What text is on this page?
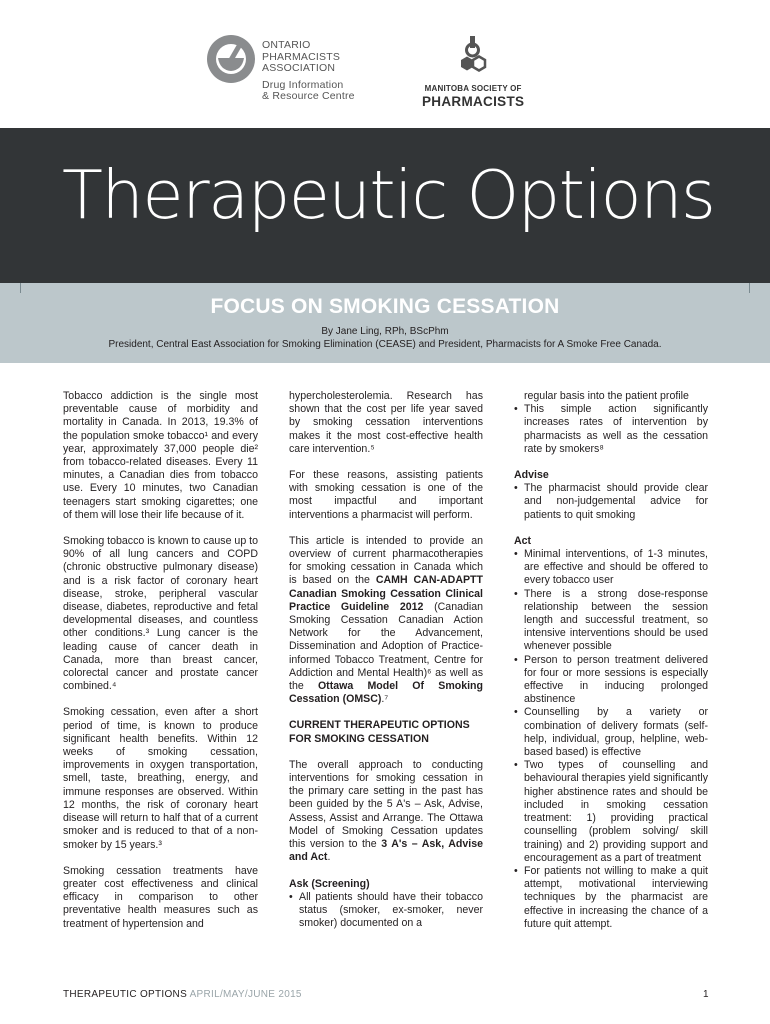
ONTARIO
PHARMACISTS
ASSOCIATION
Drug Information
& Resource Centre
MANITOBA SOCIETY OF
PHARMACISTS
Therapeutic Options
FOCUS ON SMOKING CESSATION
By Jane Ling, RPh, BScPhm
President, Central East Association for Smoking Elimination (CEASE) and President, Pharmacists for A Smoke Free Canada.

Tobacco addiction is the single most preventable cause of morbidity and mortality in Canada. In 2013, 19.3% of the population smoke tobacco¹ and every year, approximately 37,000 people die² from tobacco-related diseases. Every 11 minutes, a Canadian dies from tobacco use. Every 10 minutes, two Canadian teenagers start smoking cigarettes; one of them will lose their life because of it.

Smoking tobacco is known to cause up to 90% of all lung cancers and COPD (chronic obstructive pulmonary disease) and is a risk factor of coronary heart disease, stroke, peripheral vascular disease, diabetes, reproductive and fetal developmental diseases, and countless other conditions.³ Lung cancer is the leading cause of cancer death in Canada, more than breast cancer, colorectal cancer and prostate cancer combined.⁴

Smoking cessation, even after a short period of time, is known to produce significant health benefits. Within 12 weeks of smoking cessation, improvements in oxygen transportation, smell, taste, breathing, energy, and immune responses are observed. Within 12 months, the risk of coronary heart disease will return to half that of a current smoker and is reduced to that of a non-smoker by 15 years.³

Smoking cessation treatments have greater cost effectiveness and clinical efficacy in comparison to other preventative health measures such as treatment of hypertension and

hypercholesterolemia. Research has shown that the cost per life year saved by smoking cessation interventions makes it the most cost-effective health care intervention.⁵

For these reasons, assisting patients with smoking cessation is one of the most impactful and important interventions a pharmacist will perform.

This article is intended to provide an overview of current pharmacotherapies for smoking cessation in Canada which is based on the CAMH CAN-ADAPTT Canadian Smoking Cessation Clinical Practice Guideline 2012 (Canadian Smoking Cessation Canadian Action Network for the Advancement, Dissemination and Adoption of Practice-informed Tobacco Treatment, Centre for Addiction and Mental Health)⁶ as well as the Ottawa Model Of Smoking Cessation (OMSC).⁷

CURRENT THERAPEUTIC OPTIONS FOR SMOKING CESSATION

The overall approach to conducting interventions for smoking cessation in the primary care setting in the past has been guided by the 5 A's – Ask, Advise, Assess, Assist and Arrange. The Ottawa Model of Smoking Cessation updates this version to the 3 A's – Ask, Advise and Act.

Ask (Screening)
• All patients should have their tobacco status (smoker, ex-smoker, never smoker) documented on a
regular basis into the patient profile
• This simple action significantly increases rates of intervention by pharmacists as well as the cessation rate by smokers⁸
Advise
• The pharmacist should provide clear and non-judgemental advice for patients to quit smoking
Act
• Minimal interventions, of 1-3 minutes, are effective and should be offered to every tobacco user
• There is a strong dose-response relationship between the session length and successful treatment, so intensive interventions should be used whenever possible
• Person to person treatment delivered for four or more sessions is especially effective in inducing prolonged abstinence
• Counselling by a variety or combination of delivery formats (self-help, individual, group, helpline, web-based based) is effective
• Two types of counselling and behavioural therapies yield significantly higher abstinence rates and should be included in smoking cessation treatment: 1) providing practical counselling (problem solving/ skill training) and 2) providing support and encouragement as a part of treatment
• For patients not willing to make a quit attempt, motivational interviewing techniques by the pharmacist are effective in increasing the chance of a future quit attempt.
THERAPEUTIC OPTIONS APRIL/MAY/JUNE 2015	1
